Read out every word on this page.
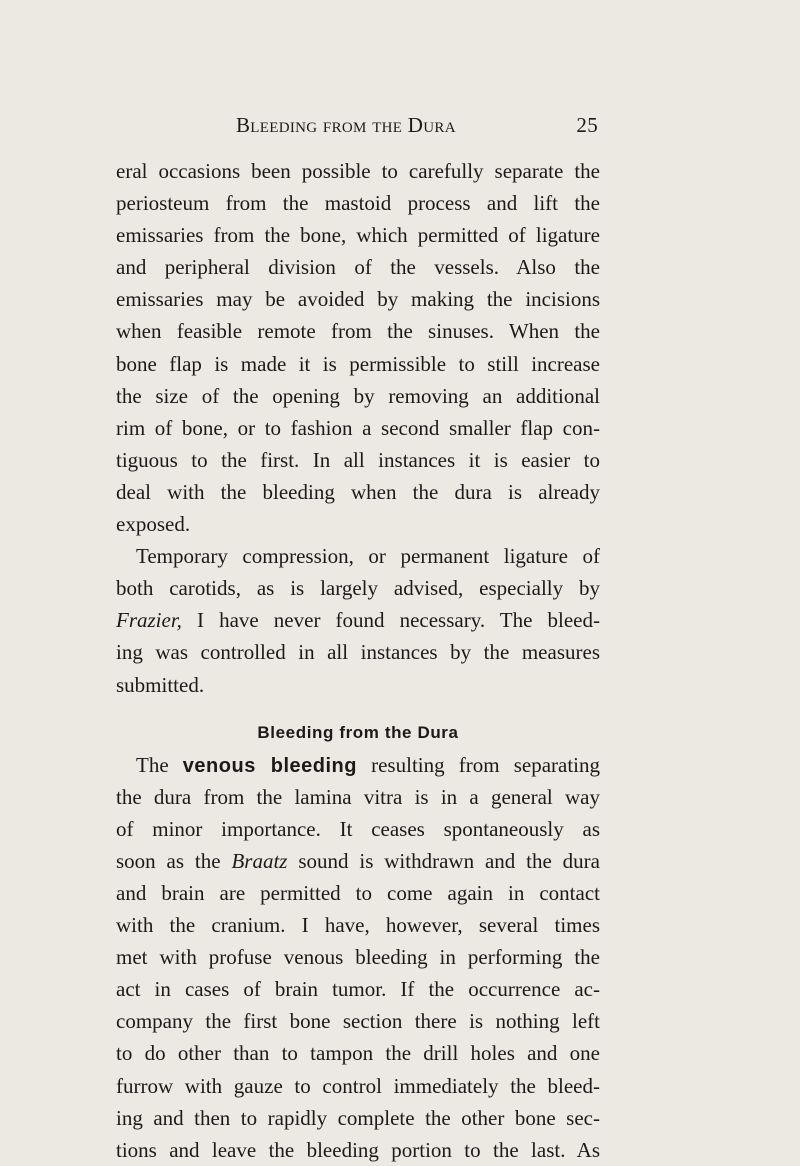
Bleeding from the Dura	25
eral occasions been possible to carefully separate the
periosteum from the mastoid process and lift the
emissaries from the bone, which permitted of ligature
and peripheral division of the vessels. Also the
emissaries may be avoided by making the incisions
when feasible remote from the sinuses. When the
bone flap is made it is permissible to still increase
the size of the opening by removing an additional
rim of bone, or to fashion a second smaller flap con-
tiguous to the first. In all instances it is easier to
deal with the bleeding when the dura is already
exposed.
Temporary compression, or permanent ligature of
both carotids, as is largely advised, especially by
Frazier, I have never found necessary. The bleed-
ing was controlled in all instances by the measures
submitted.
Bleeding from the Dura
The venous bleeding resulting from separating
the dura from the lamina vitra is in a general way
of minor importance. It ceases spontaneously as
soon as the Braatz sound is withdrawn and the dura
and brain are permitted to come again in contact
with the cranium. I have, however, several times
met with profuse venous bleeding in performing the
act in cases of brain tumor. If the occurrence ac-
company the first bone section there is nothing left
to do other than to tampon the drill holes and one
furrow with gauze to control immediately the bleed-
ing and then to rapidly complete the other bone sec-
tions and leave the bleeding portion to the last. As
